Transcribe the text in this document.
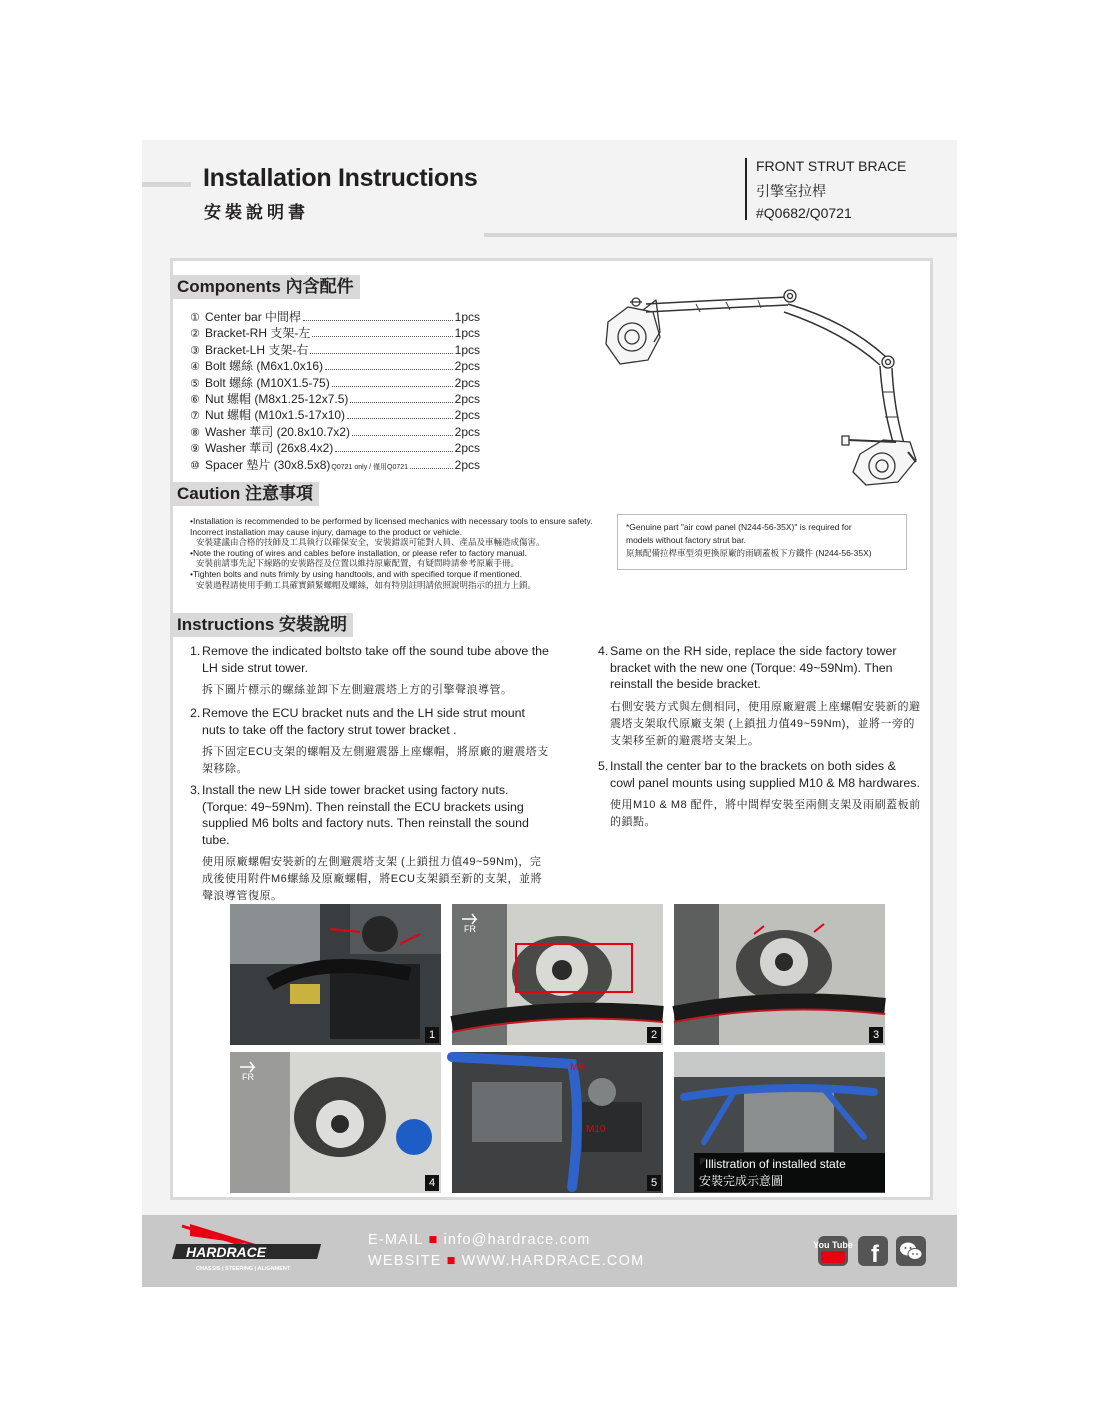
Installation Instructions
安裝說明書
FRONT STRUT BRACE
引擎室拉桿
#Q0682/Q0721
Components 內含配件
① Center bar 中間桿	1pcs
② Bracket-RH 支架-左	1pcs
③ Bracket-LH 支架-右	1pcs
④ Bolt 螺絲 (M6x1.0x16)	2pcs
⑤ Bolt 螺絲 (M10X1.5-75)	2pcs
⑥ Nut 螺帽 (M8x1.25-12x7.5)	2pcs
⑦ Nut 螺帽 (M10x1.5-17x10)	2pcs
⑧ Washer 華司 (20.8x10.7x2)	2pcs
⑨ Washer 華司 (26x8.4x2)	2pcs
⑩ Spacer 墊片 (30x8.5x8) Q0721 only / 僅用Q0721	2pcs
Caution 注意事項
•Installation is recommended to be performed by licensed mechanics with necessary tools to ensure safety. Incorrect installation may cause injury, damage to the product or vehicle.
安裝建議由合格的技師及工具執行以確保安全，安裝錯誤可能對人員、產品及車輛造成傷害。
•Note the routing of wires and cables before installation, or please refer to factory manual.
安裝前請事先記下線路的安裝路徑及位置以維持原廠配置，有疑問時請參考原廠手冊。
•Tighten bolts and nuts frimly by using handtools, and with specified torque if mentioned.
安裝過程請使用手動工具確實鎖緊螺帽及螺絲，如有特別註明請依照說明指示的扭力上鎖。
*Genuine part "air cowl panel (N244-56-35X)" is required for
models without factory strut bar.
原無配備拉桿車型須更換原廠的雨刷蓋板下方鐵件 (N244-56-35X)
Instructions 安裝說明
1. Remove the indicated boltsto take off the sound tube above the LH side strut tower.
拆下圖片標示的螺絲並卸下左側避震塔上方的引擎聲浪導管。
2. Remove the ECU bracket nuts and the LH side strut mount nuts to take off the factory strut tower bracket .
拆下固定ECU支架的螺帽及左側避震器上座螺帽，將原廠的避震塔支架移除。
3. Install the new LH side tower bracket using factory nuts. (Torque: 49~59Nm). Then reinstall the ECU brackets using supplied M6 bolts and factory nuts. Then reinstall the sound tube.
使用原廠螺帽安裝新的左側避震塔支架 (上鎖扭力值49~59Nm)，完成後使用附件M6螺絲及原廠螺帽，將ECU支架鎖至新的支架，並將聲浪導管復原。
4. Same on the RH side, replace the side factory tower bracket with the new one (Torque: 49~59Nm). Then reinstall the beside bracket.
右側安裝方式與左側相同，使用原廠避震上座螺帽安裝新的避震塔支架取代原廠支架 (上鎖扭力值49~59Nm)，並將一旁的支架移至新的避震塔支架上。
5. Install the center bar to the brackets on both sides & cowl panel mounts using supplied M10 & M8 hardwares.
使用M10 & M8 配件，將中間桿安裝至兩側支架及雨刷蓋板前的鎖點。
1
FR
2	3
FR
4
M8
M10
5
Illistration of installed state
安裝完成示意圖
HARDRACE
CHASSIS | STEERING | ALIGNMENT
E-MAIL ■ info@hardrace.com
WEBSITE ■ WWW.HARDRACE.COM
You Tube f
